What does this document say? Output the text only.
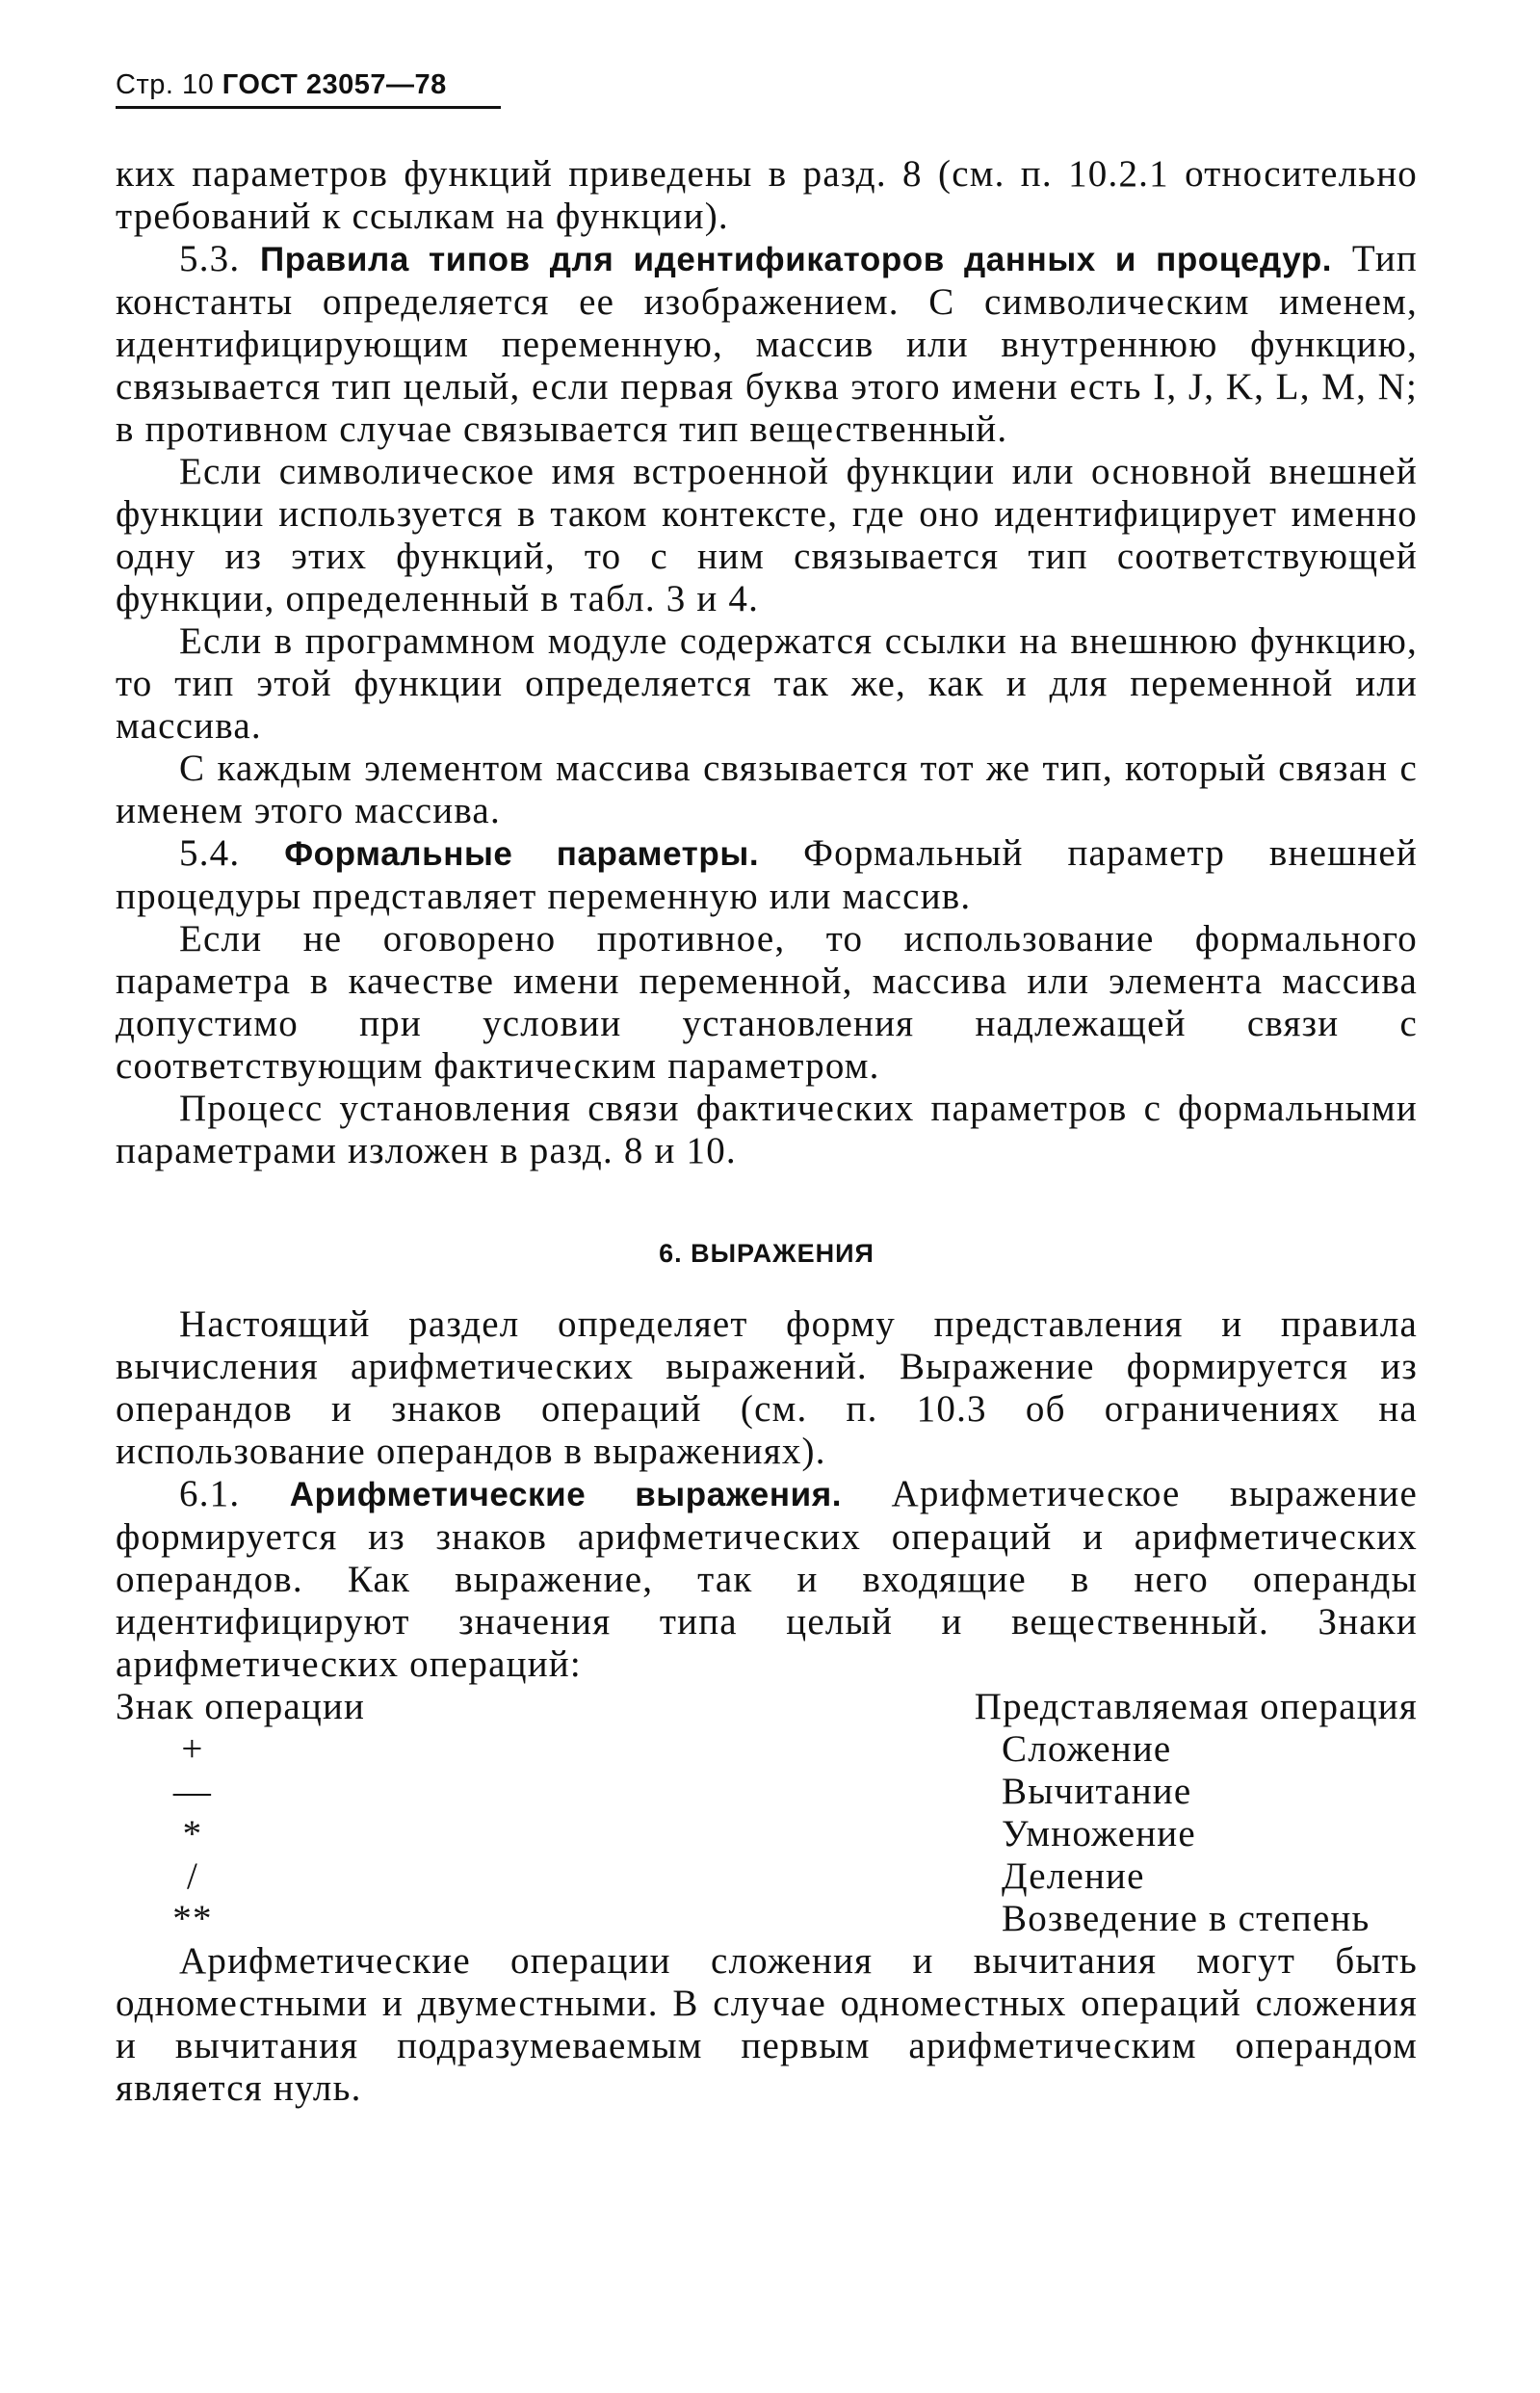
Стр. 10 ГОСТ 23057—78

ких параметров функций приведены в разд. 8 (см. п. 10.2.1 относительно требований к ссылкам на функции).

5.3. Правила типов для идентификаторов данных и процедур. Тип константы определяется ее изображением. С символическим именем, идентифицирующим переменную, массив или внутреннюю функцию, связывается тип целый, если первая буква этого имени есть I, J, K, L, M, N; в противном случае связывается тип вещественный.

Если символическое имя встроенной функции или основной внешней функции используется в таком контексте, где оно идентифицирует именно одну из этих функций, то с ним связывается тип соответствующей функции, определенный в табл. 3 и 4.

Если в программном модуле содержатся ссылки на внешнюю функцию, то тип этой функции определяется так же, как и для переменной или массива.

С каждым элементом массива связывается тот же тип, который связан с именем этого массива.

5.4. Формальные параметры. Формальный параметр внешней процедуры представляет переменную или массив.

Если не оговорено противное, то использование формального параметра в качестве имени переменной, массива или элемента массива допустимо при условии установления надлежащей связи с соответствующим фактическим параметром.

Процесс установления связи фактических параметров с формальными параметрами изложен в разд. 8 и 10.

6. ВЫРАЖЕНИЯ

Настоящий раздел определяет форму представления и правила вычисления арифметических выражений. Выражение формируется из операндов и знаков операций (см. п. 10.3 об ограничениях на использование операндов в выражениях).

6.1. Арифметические выражения. Арифметическое выражение формируется из знаков арифметических операций и арифметических операндов. Как выражение, так и входящие в него операнды идентифицируют значения типа целый и вещественный. Знаки арифметических операций:

Знак операции	Представляемая операция
+	Сложение
—	Вычитание
*	Умножение
/	Деление
**	Возведение в степень

Арифметические операции сложения и вычитания могут быть одноместными и двуместными. В случае одноместных операций сложения и вычитания подразумеваемым первым арифметическим операндом является нуль.
